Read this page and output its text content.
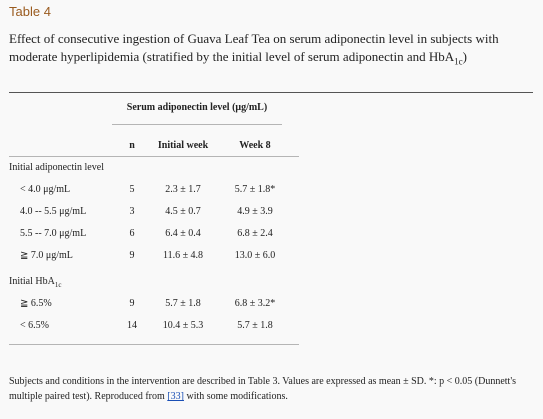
Table 4
Effect of consecutive ingestion of Guava Leaf Tea on serum adiponectin level in subjects with moderate hyperlipidemia (stratified by the initial level of serum adiponectin and HbA$_{1c}$)
Serum adiponectin level (μg/mL)
n	Initial week	Week 8
Initial adiponectin level
< 4.0 μg/mL	5	2.3 ± 1.7	5.7 ± 1.8*
4.0 -- 5.5 μg/mL	3	4.5 ± 0.7	4.9 ± 3.9
5.5 -- 7.0 μg/mL	6	6.4 ± 0.4	6.8 ± 2.4
≧ 7.0 μg/mL	9	11.6 ± 4.8	13.0 ± 6.0
Initial HbA$_{1c}$
≧ 6.5%	9	5.7 ± 1.8	6.8 ± 3.2*
< 6.5%	14	10.4 ± 5.3	5.7 ± 1.8
Subjects and conditions in the intervention are described in Table 3. Values are expressed as mean ± SD. *: p < 0.05 (Dunnett's multiple paired test). Reproduced from [33] with some modifications.
